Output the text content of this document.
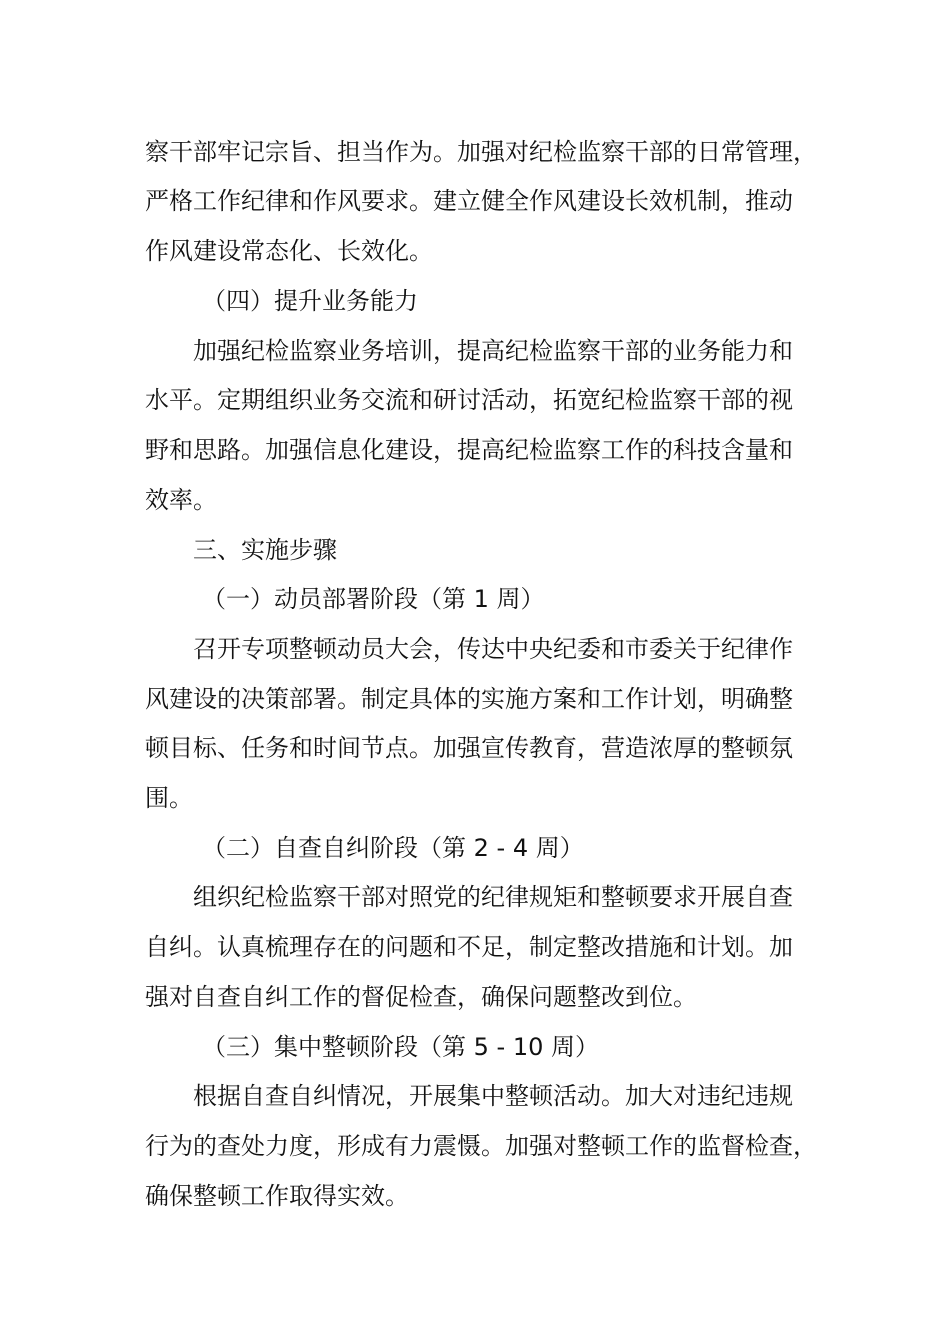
察干部牢记宗旨、担当作为。加强对纪检监察干部的日常管理，
严格工作纪律和作风要求。建立健全作风建设长效机制，推动
作风建设常态化、长效化。
（四）提升业务能力
加强纪检监察业务培训，提高纪检监察干部的业务能力和
水平。定期组织业务交流和研讨活动，拓宽纪检监察干部的视
野和思路。加强信息化建设，提高纪检监察工作的科技含量和
效率。
三、实施步骤
（一）动员部署阶段（第 1 周）
召开专项整顿动员大会，传达中央纪委和市委关于纪律作
风建设的决策部署。制定具体的实施方案和工作计划，明确整
顿目标、任务和时间节点。加强宣传教育，营造浓厚的整顿氛
围。
（二）自查自纠阶段（第 2 - 4 周）
组织纪检监察干部对照党的纪律规矩和整顿要求开展自查
自纠。认真梳理存在的问题和不足，制定整改措施和计划。加
强对自查自纠工作的督促检查，确保问题整改到位。
（三）集中整顿阶段（第 5 - 10 周）
根据自查自纠情况，开展集中整顿活动。加大对违纪违规
行为的查处力度，形成有力震慑。加强对整顿工作的监督检查，
确保整顿工作取得实效。
